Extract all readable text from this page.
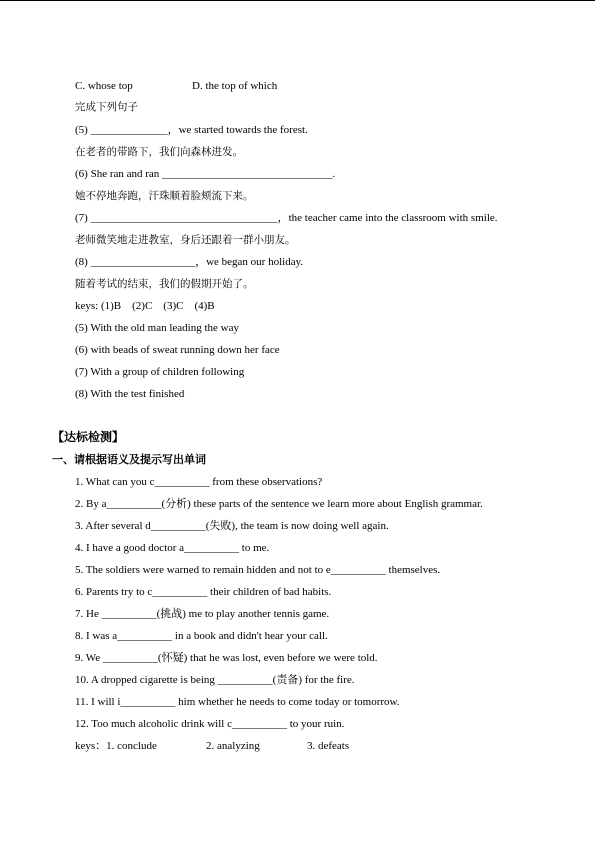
C. whose top	D. the top of which
完成下列句子
(5) ______________，we started towards the forest.
在老者的带路下，我们向森林进发。
(6) She ran and ran _______________________________.
她不停地奔跑，汗珠顺着脸颊流下来。
(7) __________________________________，the teacher came into the classroom with smile.
老师微笑地走进教室，身后还跟着一群小朋友。
(8) ___________________，we began our holiday.
随着考试的结束，我们的假期开始了。
keys: (1)B    (2)C    (3)C    (4)B
(5) With the old man leading the way
(6) with beads of sweat running down her face
(7) With a group of children following
(8) With the test finished
【达标检测】
一、请根据语义及提示写出单词
1. What can you c__________ from these observations?
2. By a__________(分析) these parts of the sentence we learn more about English grammar.
3. After several d__________(失败), the team is now doing well again.
4. I have a good doctor a__________ to me.
5. The soldiers were warned to remain hidden and not to e__________ themselves.
6. Parents try to c__________ their children of bad habits.
7. He __________(挑战) me to play another tennis game.
8. I was a__________ in a book and didn't hear your call.
9. We __________(怀疑) that he was lost, even before we were told.
10. A dropped cigarette is being __________(责备) for the fire.
11. I will i__________ him whether he needs to come today or tomorrow.
12. Too much alcoholic drink will c__________ to your ruin.
keys：1. conclude	2. analyzing	3. defeats
